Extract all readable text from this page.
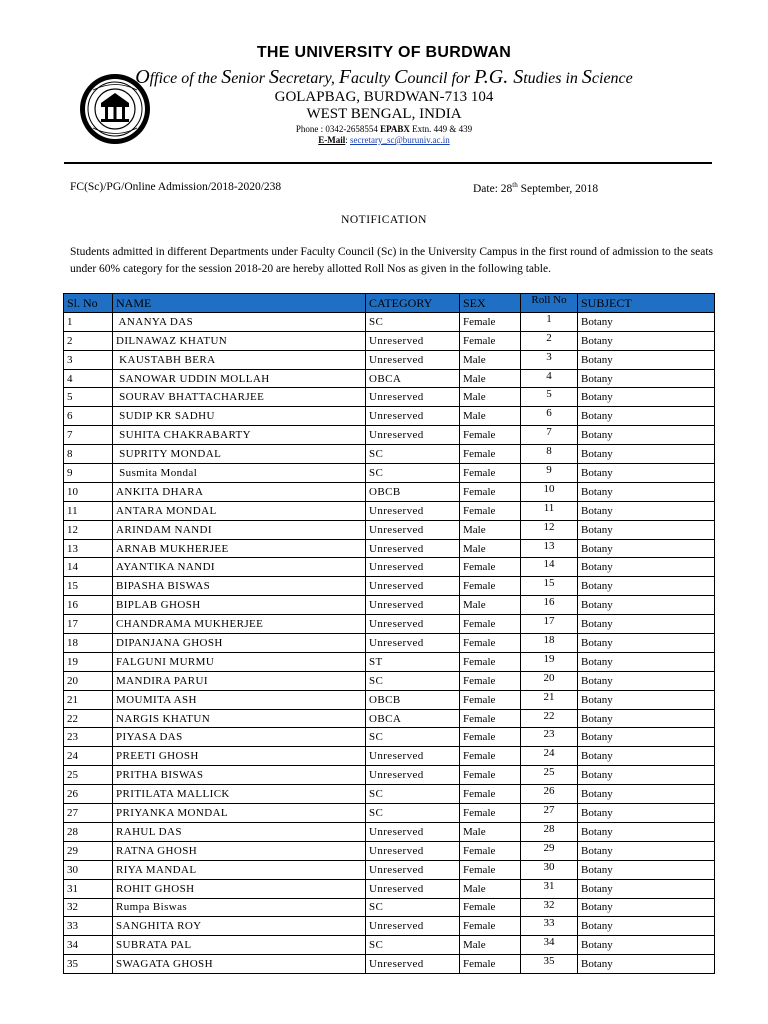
THE UNIVERSITY OF BURDWAN
Office of the Senior Secretary, Faculty Council for P.G. Studies in Science
GOLAPBAG, BURDWAN-713 104
WEST BENGAL, INDIA
Phone : 0342-2658554 EPABX Extn. 449 & 439
E-Mail: secretary_sc@buruniv.ac.in
FC(Sc)/PG/Online Admission/2018-2020/238	Date: 28th September, 2018
NOTIFICATION
Students admitted in different Departments under Faculty Council (Sc) in the University Campus in the first round of admission to the seats under 60% category for the session 2018-20 are hereby allotted Roll Nos as given in the following table.
Sl. No	NAME	CATEGORY	SEX	Roll No	SUBJECT
1	ANANYA DAS	SC	Female	1	Botany
2	DILNAWAZ KHATUN	Unreserved	Female	2	Botany
3	KAUSTABH BERA	Unreserved	Male	3	Botany
4	SANOWAR UDDIN MOLLAH	OBCA	Male	4	Botany
5	SOURAV BHATTACHARJEE	Unreserved	Male	5	Botany
6	SUDIP KR SADHU	Unreserved	Male	6	Botany
7	SUHITA CHAKRABARTY	Unreserved	Female	7	Botany
8	SUPRITY MONDAL	SC	Female	8	Botany
9	Susmita Mondal	SC	Female	9	Botany
10	ANKITA DHARA	OBCB	Female	10	Botany
11	ANTARA MONDAL	Unreserved	Female	11	Botany
12	ARINDAM NANDI	Unreserved	Male	12	Botany
13	ARNAB MUKHERJEE	Unreserved	Male	13	Botany
14	AYANTIKA NANDI	Unreserved	Female	14	Botany
15	BIPASHA BISWAS	Unreserved	Female	15	Botany
16	BIPLAB GHOSH	Unreserved	Male	16	Botany
17	CHANDRAMA MUKHERJEE	Unreserved	Female	17	Botany
18	DIPANJANA GHOSH	Unreserved	Female	18	Botany
19	FALGUNI MURMU	ST	Female	19	Botany
20	MANDIRA PARUI	SC	Female	20	Botany
21	MOUMITA ASH	OBCB	Female	21	Botany
22	NARGIS KHATUN	OBCA	Female	22	Botany
23	PIYASA DAS	SC	Female	23	Botany
24	PREETI GHOSH	Unreserved	Female	24	Botany
25	PRITHA BISWAS	Unreserved	Female	25	Botany
26	PRITILATA MALLICK	SC	Female	26	Botany
27	PRIYANKA MONDAL	SC	Female	27	Botany
28	RAHUL DAS	Unreserved	Male	28	Botany
29	RATNA GHOSH	Unreserved	Female	29	Botany
30	RIYA MANDAL	Unreserved	Female	30	Botany
31	ROHIT GHOSH	Unreserved	Male	31	Botany
32	Rumpa Biswas	SC	Female	32	Botany
33	SANGHITA ROY	Unreserved	Female	33	Botany
34	SUBRATA PAL	SC	Male	34	Botany
35	SWAGATA GHOSH	Unreserved	Female	35	Botany
